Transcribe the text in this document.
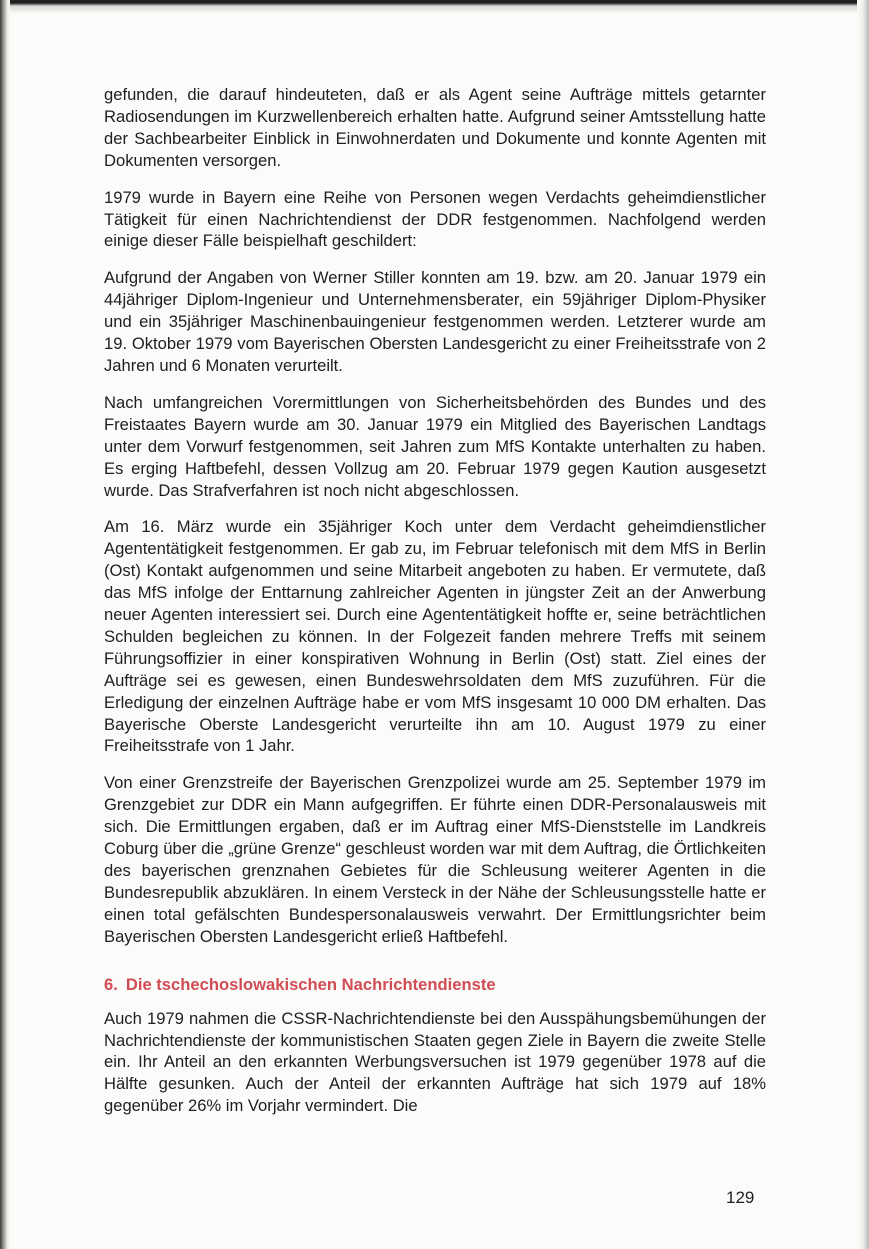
gefunden, die darauf hindeuteten, daß er als Agent seine Aufträge mittels getarnter Radiosendungen im Kurzwellenbereich erhalten hatte. Aufgrund seiner Amtsstellung hatte der Sachbearbeiter Einblick in Einwohnerdaten und Dokumente und konnte Agenten mit Dokumenten versorgen.

1979 wurde in Bayern eine Reihe von Personen wegen Verdachts geheimdienstlicher Tätigkeit für einen Nachrichtendienst der DDR festgenommen. Nachfolgend werden einige dieser Fälle beispielhaft geschildert:

Aufgrund der Angaben von Werner Stiller konnten am 19. bzw. am 20. Januar 1979 ein 44jähriger Diplom-Ingenieur und Unternehmensberater, ein 59jähriger Diplom-Physiker und ein 35jähriger Maschinenbauingenieur festgenommen werden. Letzterer wurde am 19. Oktober 1979 vom Bayerischen Obersten Landesgericht zu einer Freiheitsstrafe von 2 Jahren und 6 Monaten verurteilt.

Nach umfangreichen Vorermittlungen von Sicherheitsbehörden des Bundes und des Freistaates Bayern wurde am 30. Januar 1979 ein Mitglied des Bayerischen Landtags unter dem Vorwurf festgenommen, seit Jahren zum MfS Kontakte unterhalten zu haben. Es erging Haftbefehl, dessen Vollzug am 20. Februar 1979 gegen Kaution ausgesetzt wurde. Das Strafverfahren ist noch nicht abgeschlossen.

Am 16. März wurde ein 35jähriger Koch unter dem Verdacht geheimdienstlicher Agententätigkeit festgenommen. Er gab zu, im Februar telefonisch mit dem MfS in Berlin (Ost) Kontakt aufgenommen und seine Mitarbeit angeboten zu haben. Er vermutete, daß das MfS infolge der Enttarnung zahlreicher Agenten in jüngster Zeit an der Anwerbung neuer Agenten interessiert sei. Durch eine Agententätigkeit hoffte er, seine beträchtlichen Schulden begleichen zu können. In der Folgezeit fanden mehrere Treffs mit seinem Führungsoffizier in einer konspirativen Wohnung in Berlin (Ost) statt. Ziel eines der Aufträge sei es gewesen, einen Bundeswehrsoldaten dem MfS zuzuführen. Für die Erledigung der einzelnen Aufträge habe er vom MfS insgesamt 10 000 DM erhalten. Das Bayerische Oberste Landesgericht verurteilte ihn am 10. August 1979 zu einer Freiheitsstrafe von 1 Jahr.

Von einer Grenzstreife der Bayerischen Grenzpolizei wurde am 25. September 1979 im Grenzgebiet zur DDR ein Mann aufgegriffen. Er führte einen DDR-Personalausweis mit sich. Die Ermittlungen ergaben, daß er im Auftrag einer MfS-Dienststelle im Landkreis Coburg über die „grüne Grenze“ geschleust worden war mit dem Auftrag, die Örtlichkeiten des bayerischen grenznahen Gebietes für die Schleusung weiterer Agenten in die Bundesrepublik abzuklären. In einem Versteck in der Nähe der Schleusungsstelle hatte er einen total gefälschten Bundespersonalausweis verwahrt. Der Ermittlungsrichter beim Bayerischen Obersten Landesgericht erließ Haftbefehl.

6. Die tschechoslowakischen Nachrichtendienste

Auch 1979 nahmen die CSSR-Nachrichtendienste bei den Ausspähungsbemühungen der Nachrichtendienste der kommunistischen Staaten gegen Ziele in Bayern die zweite Stelle ein. Ihr Anteil an den erkannten Werbungsversuchen ist 1979 gegenüber 1978 auf die Hälfte gesunken. Auch der Anteil der erkannten Aufträge hat sich 1979 auf 18% gegenüber 26% im Vorjahr vermindert. Die

129
